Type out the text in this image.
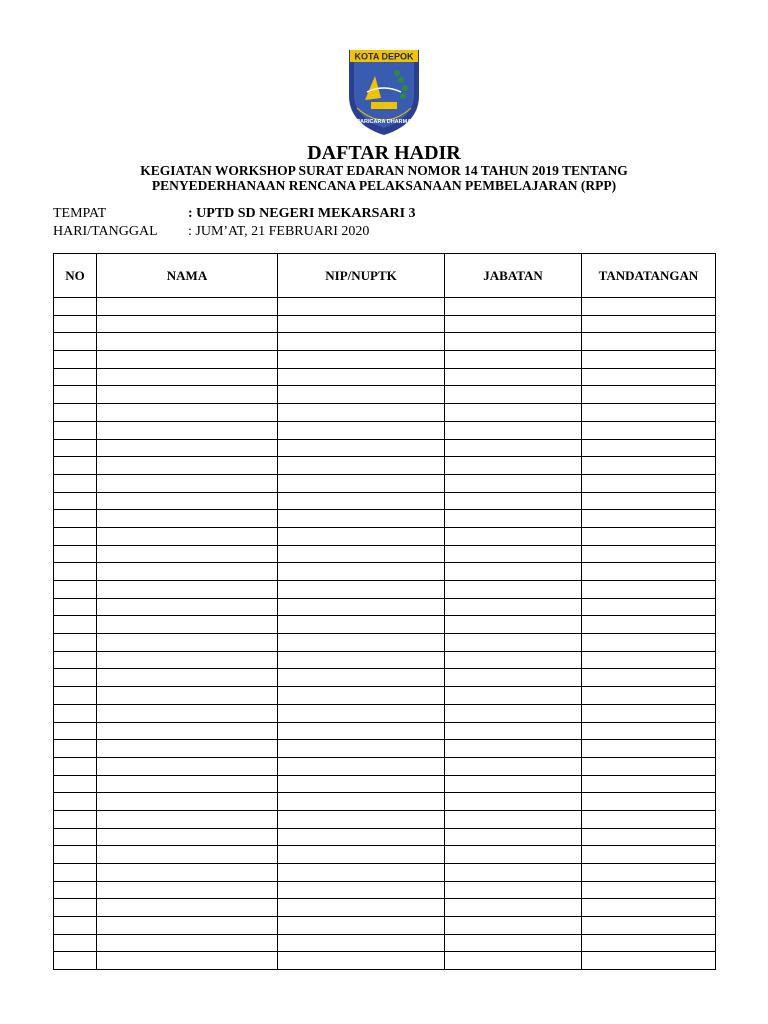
KOTA DEPOK
PARICARA DHARMA
DAFTAR HADIR
KEGIATAN WORKSHOP SURAT EDARAN NOMOR 14 TAHUN 2019 TENTANG
PENYEDERHANAAN RENCANA PELAKSANAAN PEMBELAJARAN (RPP)
TEMPAT	: UPTD SD NEGERI MEKARSARI 3
HARI/TANGGAL : JUM’AT, 21 FEBRUARI 2020
NO	NAMA	NIP/NUPTK	JABATAN	TANDATANGAN
